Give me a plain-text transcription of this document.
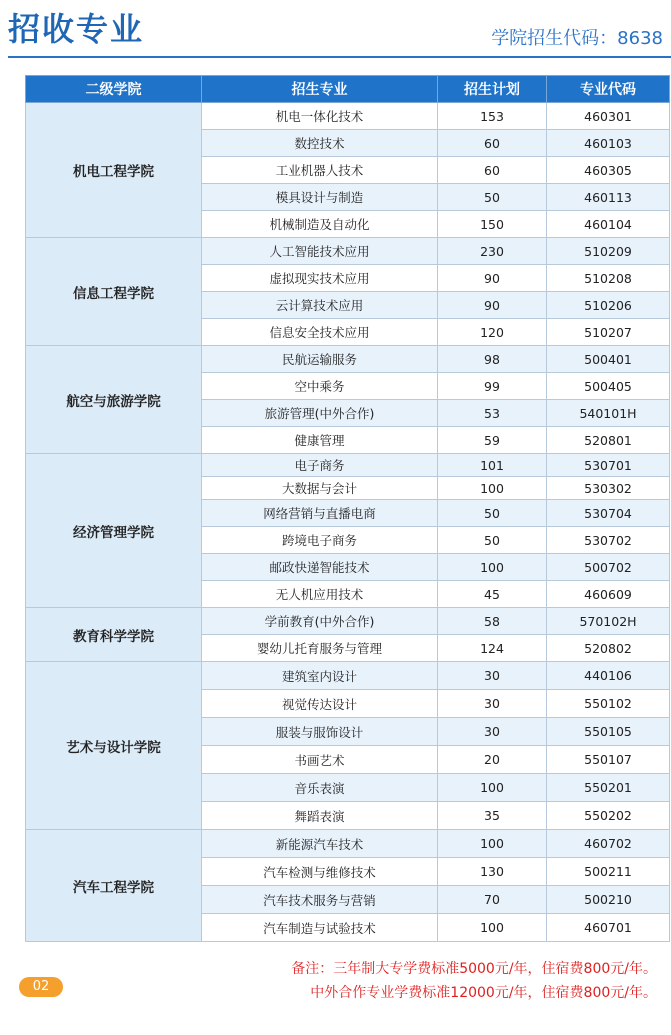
招收专业	学院招生代码：8638
二级学院	招生专业	招生计划	专业代码
机电工程学院	机电一体化技术	153	460301
	数控技术	60	460103
	工业机器人技术	60	460305
	模具设计与制造	50	460113
	机械制造及自动化	150	460104
信息工程学院	人工智能技术应用	230	510209
	虚拟现实技术应用	90	510208
	云计算技术应用	90	510206
	信息安全技术应用	120	510207
航空与旅游学院	民航运输服务	98	500401
	空中乘务	99	500405
	旅游管理(中外合作)	53	540101H
	健康管理	59	520801
经济管理学院	电子商务	101	530701
	大数据与会计	100	530302
	网络营销与直播电商	50	530704
	跨境电子商务	50	530702
	邮政快递智能技术	100	500702
	无人机应用技术	45	460609
教育科学学院	学前教育(中外合作)	58	570102H
	婴幼儿托育服务与管理	124	520802
艺术与设计学院	建筑室内设计	30	440106
	视觉传达设计	30	550102
	服装与服饰设计	30	550105
	书画艺术	20	550107
	音乐表演	100	550201
	舞蹈表演	35	550202
汽车工程学院	新能源汽车技术	100	460702
	汽车检测与维修技术	130	500211
	汽车技术服务与营销	70	500210
	汽车制造与试验技术	100	460701
02
备注：三年制大专学费标准5000元/年，住宿费800元/年。
中外合作专业学费标准12000元/年，住宿费800元/年。
